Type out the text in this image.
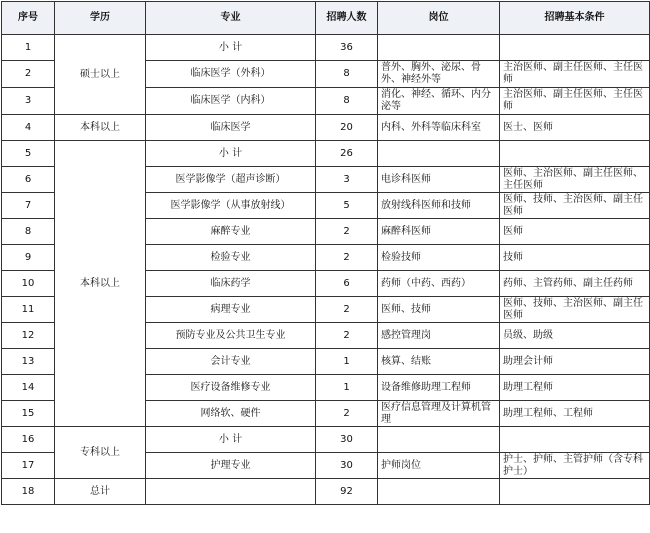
序号	学历	专业	招聘人数	岗位	招聘基本条件
1	硕士以上	小 计	36		
2		临床医学（外科）	8	普外、胸外、泌尿、骨外、神经外等	主治医师、副主任医师、主任医师
3		临床医学（内科）	8	消化、神经、循环、内分泌等	主治医师、副主任医师、主任医师
4	本科以上	临床医学	20	内科、外科等临床科室	医士、医师
5	本科以上	小 计	26		
6		医学影像学（超声诊断）	3	电诊科医师	医师、主治医师、副主任医师、主任医师
7		医学影像学（从事放射线）	5	放射线科医师和技师	医师、技师、主治医师、副主任医师
8		麻醉专业	2	麻醉科医师	医师
9		检验专业	2	检验技师	技师
10		临床药学	6	药师（中药、西药）	药师、主管药师、副主任药师
11		病理专业	2	医师、技师	医师、技师、主治医师、副主任医师
12		预防专业及公共卫生专业	2	感控管理岗	员级、助级
13		会计专业	1	核算、结账	助理会计师
14		医疗设备维修专业	1	设备维修助理工程师	助理工程师
15		网络软、硬件	2	医疗信息管理及计算机管理	助理工程师、工程师
16	专科以上	小 计	30		
17		护理专业	30	护师岗位	护士、护师、主管护师（含专科护士）
18	总计		92		
